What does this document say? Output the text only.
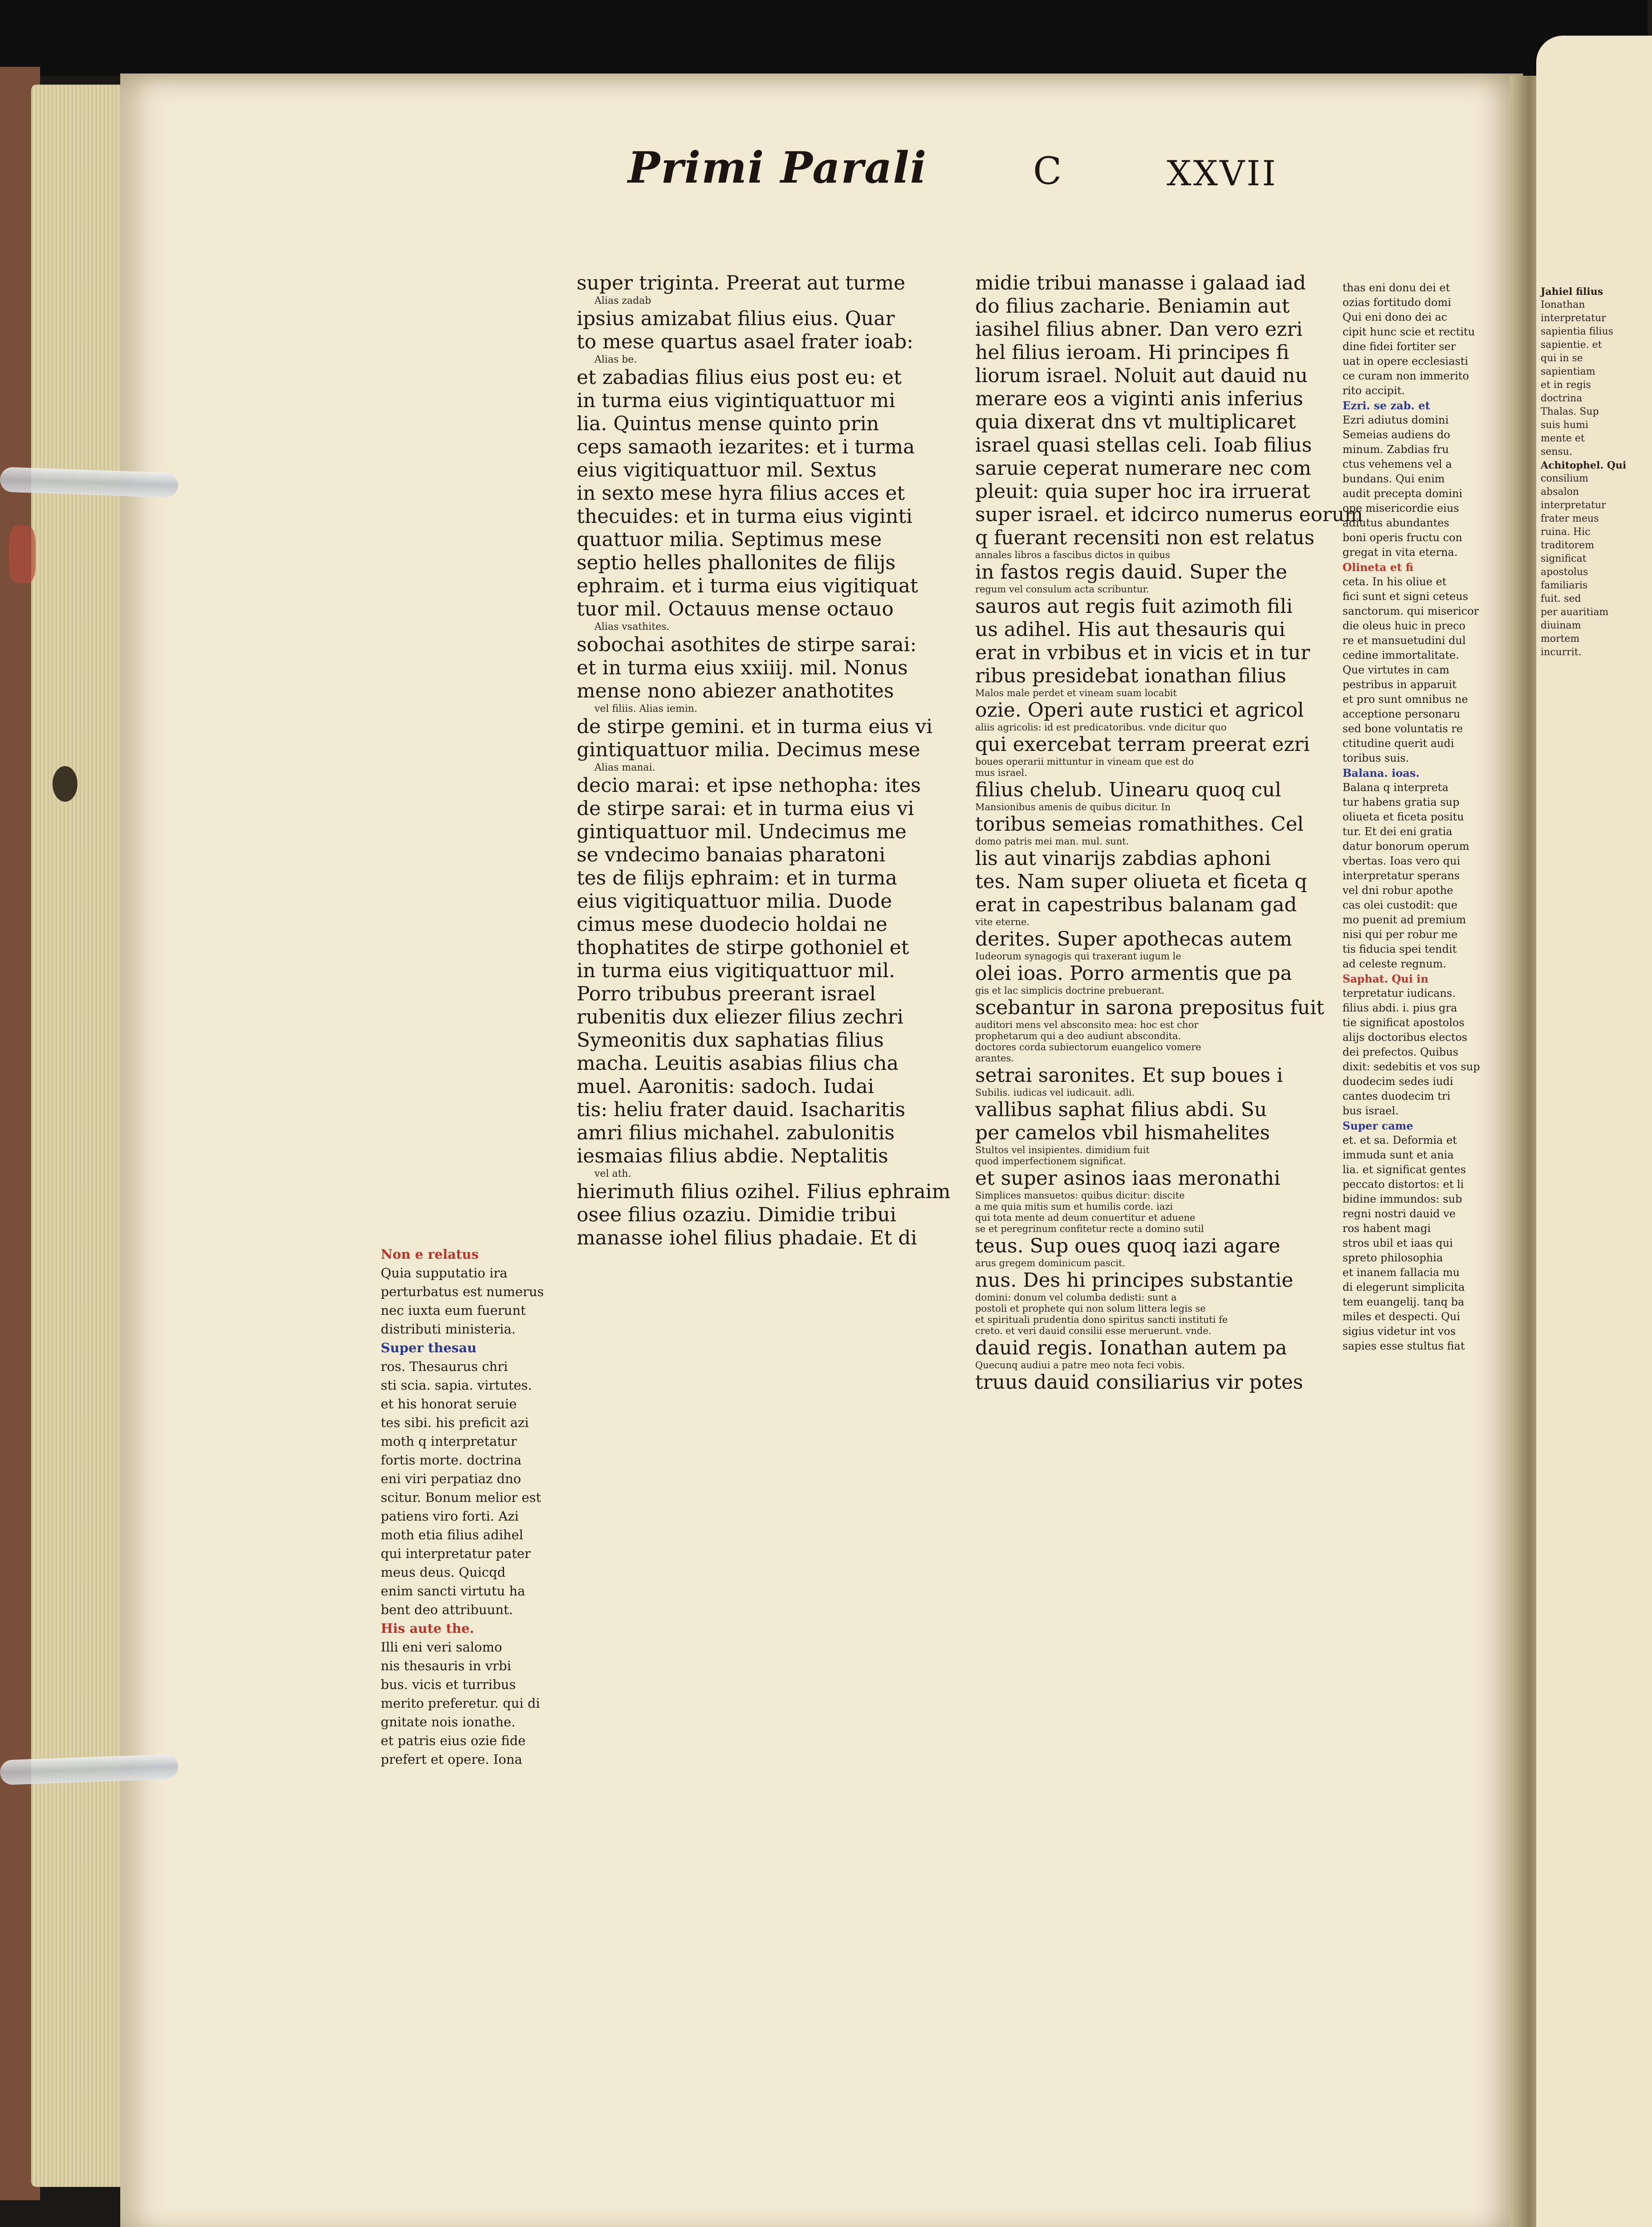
Primi Parali	C	XXVII

super triginta. Preerat aut turme

Alias zadab

ipsius amizabat filius eius. Quar

to mese quartus asael frater ioab:

Alias be.

et zabadias filius eius post eu: et

in turma eius vigintiquattuor mi

lia. Quintus mense quinto prin

ceps samaoth iezarites: et i turma

eius vigitiquattuor mil. Sextus

in sexto mese hyra filius acces et

thecuides: et in turma eius viginti

quattuor milia. Septimus mese

septio helles phallonites de filijs

ephraim. et i turma eius vigitiquat

tuor mil. Octauus mense octauo

Alias vsathites.

sobochai asothites de stirpe sarai:

et in turma eius xxiiij. mil. Nonus

mense nono abiezer anathotites

vel filiis. Alias iemin.

de stirpe gemini. et in turma eius vi

gintiquattuor milia. Decimus mese

Alias manai.

decio marai: et ipse nethopha: ites

de stirpe sarai: et in turma eius vi

gintiquattuor mil. Undecimus me

se vndecimo banaias pharatoni

tes de filijs ephraim: et in turma

eius vigitiquattuor milia. Duode

cimus mese duodecio holdai ne

thophatites de stirpe gothoniel et

in turma eius vigitiquattuor mil.

Porro tribubus preerant israel

rubenitis dux eliezer filius zechri

Symeonitis dux saphatias filius

macha. Leuitis asabias filius cha

muel. Aaronitis: sadoch. Iudai

tis: heliu frater dauid. Isacharitis

amri filius michahel. zabulonitis

iesmaias filius abdie. Neptalitis

vel ath.

hierimuth filius ozihel. Filius ephraim

osee filius ozaziu. Dimidie tribui

manasse iohel filius phadaie. Et di

midie tribui manasse i galaad iad

do filius zacharie. Beniamin aut

iasihel filius abner. Dan vero ezri

hel filius ieroam. Hi principes fi

liorum israel. Noluit aut dauid nu

merare eos a viginti anis inferius

quia dixerat dns vt multiplicaret

israel quasi stellas celi. Ioab filius

saruie ceperat numerare nec com

pleuit: quia super hoc ira irruerat

super israel. et idcirco numerus eorum

q fuerant recensiti non est relatus

annales libros a fascibus dictos in quibus

in fastos regis dauid. Super the

regum vel consulum acta scribuntur.

sauros aut regis fuit azimoth fili

us adihel. His aut thesauris qui

erat in vrbibus et in vicis et in tur

ribus presidebat ionathan filius

Malos male perdet et vineam suam locabit

ozie. Operi aute rustici et agricol

aliis agricolis: id est predicatoribus. vnde dicitur quo

qui exercebat terram preerat ezri

boues operarii mittuntur in vineam que est do

mus israel.

filius chelub. Uinearu quoq cul

Mansionibus amenis de quibus dicitur. In

toribus semeias romathithes. Cel

domo patris mei man. mul. sunt.

lis aut vinarijs zabdias aphoni

tes. Nam super oliueta et ficeta q

erat in capestribus balanam gad

vite eterne.

derites. Super apothecas autem

Iudeorum synagogis qui traxerant iugum le

olei ioas. Porro armentis que pa

gis et lac simplicis doctrine prebuerant.

scebantur in sarona prepositus fuit

auditori mens vel absconsito mea: hoc est chor

prophetarum qui a deo audiunt abscondita.

doctores corda subiectorum euangelico vomere

arantes.

setrai saronites. Et sup boues i

Subilis. iudicas vel iudicauit. adli.

vallibus saphat filius abdi. Su

per camelos vbil hismahelites

Stultos vel insipientes. dimidium fuit

quod imperfectionem significat.

et super asinos iaas meronathi

Simplices mansuetos: quibus dicitur: discite

a me quia mitis sum et humilis corde. iazi

qui tota mente ad deum conuertitur et aduene

se et peregrinum confitetur recte a domino sutil

teus. Sup oues quoq iazi agare

arus gregem dominicum pascit.

nus. Des hi principes substantie

domini: donum vel columba dedisti: sunt a

postoli et prophete qui non solum littera legis se

et spirituali prudentia dono spiritus sancti instituti fe

creto. et veri dauid consilii esse meruerunt. vnde.

dauid regis. Ionathan autem pa

Quecunq audiui a patre meo nota feci vobis.

truus dauid consiliarius vir potes

Non e relatus

Quia supputatio ira

perturbatus est numerus

nec iuxta eum fuerunt

distributi ministeria.

Super thesau

ros. Thesaurus chri

sti scia. sapia. virtutes.

et his honorat seruie

tes sibi. his preficit azi

moth q interpretatur

fortis morte. doctrina

eni viri perpatiaz dno

scitur. Bonum melior est

patiens viro forti. Azi

moth etia filius adihel

qui interpretatur pater

meus deus. Quicqd

enim sancti virtutu ha

bent deo attribuunt.

His aute the.

Illi eni veri salomo

nis thesauris in vrbi

bus. vicis et turribus

merito preferetur. qui di

gnitate nois ionathe.

et patris eius ozie fide

prefert et opere. Iona

thas eni donu dei et

ozias fortitudo domi

Qui eni dono dei ac

cipit hunc scie et rectitu

dine fidei fortiter ser

uat in opere ecclesiasti

ce curam non immerito

rito accipit.

Ezri. se zab. et

Ezri adiutus domini

Semeias audiens do

minum. Zabdias fru

ctus vehemens vel a

bundans. Qui enim

audit precepta domini

ope misericordie eius

adiutus abundantes

boni operis fructu con

gregat in vita eterna.

Olineta et fi

ceta. In his oliue et

fici sunt et signi ceteus

sanctorum. qui misericor

die oleus huic in preco

re et mansuetudini dul

cedine immortalitate.

Que virtutes in cam

pestribus in apparuit

et pro sunt omnibus ne

acceptione personaru

sed bone voluntatis re

ctitudine querit audi

toribus suis.

Balana. ioas.

Balana q interpreta

tur habens gratia sup

oliueta et ficeta positu

tur. Et dei eni gratia

datur bonorum operum

vbertas. Ioas vero qui

interpretatur sperans

vel dni robur apothe

cas olei custodit: que

mo puenit ad premium

nisi qui per robur me

tis fiducia spei tendit

ad celeste regnum.

Saphat. Qui in

terpretatur iudicans.

filius abdi. i. pius gra

tie significat apostolos

alijs doctoribus electos

dei prefectos. Quibus

dixit: sedebitis et vos sup

duodecim sedes iudi

cantes duodecim tri

bus israel.

Super came

et. et sa. Deformia et

immuda sunt et ania

lia. et significat gentes

peccato distortos: et li

bidine immundos: sub

regni nostri dauid ve

ros habent magi

stros ubil et iaas qui

spreto philosophia

et inanem fallacia mu

di elegerunt simplicita

tem euangelij. tanq ba

miles et despecti. Qui

sigius videtur int vos

sapies esse stultus fiat

Jahiel filius

Ionathan

interpretatur

sapientia filius

sapientie. et

qui in se

sapientiam

et in regis

doctrina

Thalas. Sup

suis humi

mente et

sensu.

Achitophel. Qui

consilium

absalon

interpretatur

frater meus

ruina. Hic

traditorem

significat

apostolus

familiaris

fuit. sed

per auaritiam

diuinam

mortem

incurrit.
